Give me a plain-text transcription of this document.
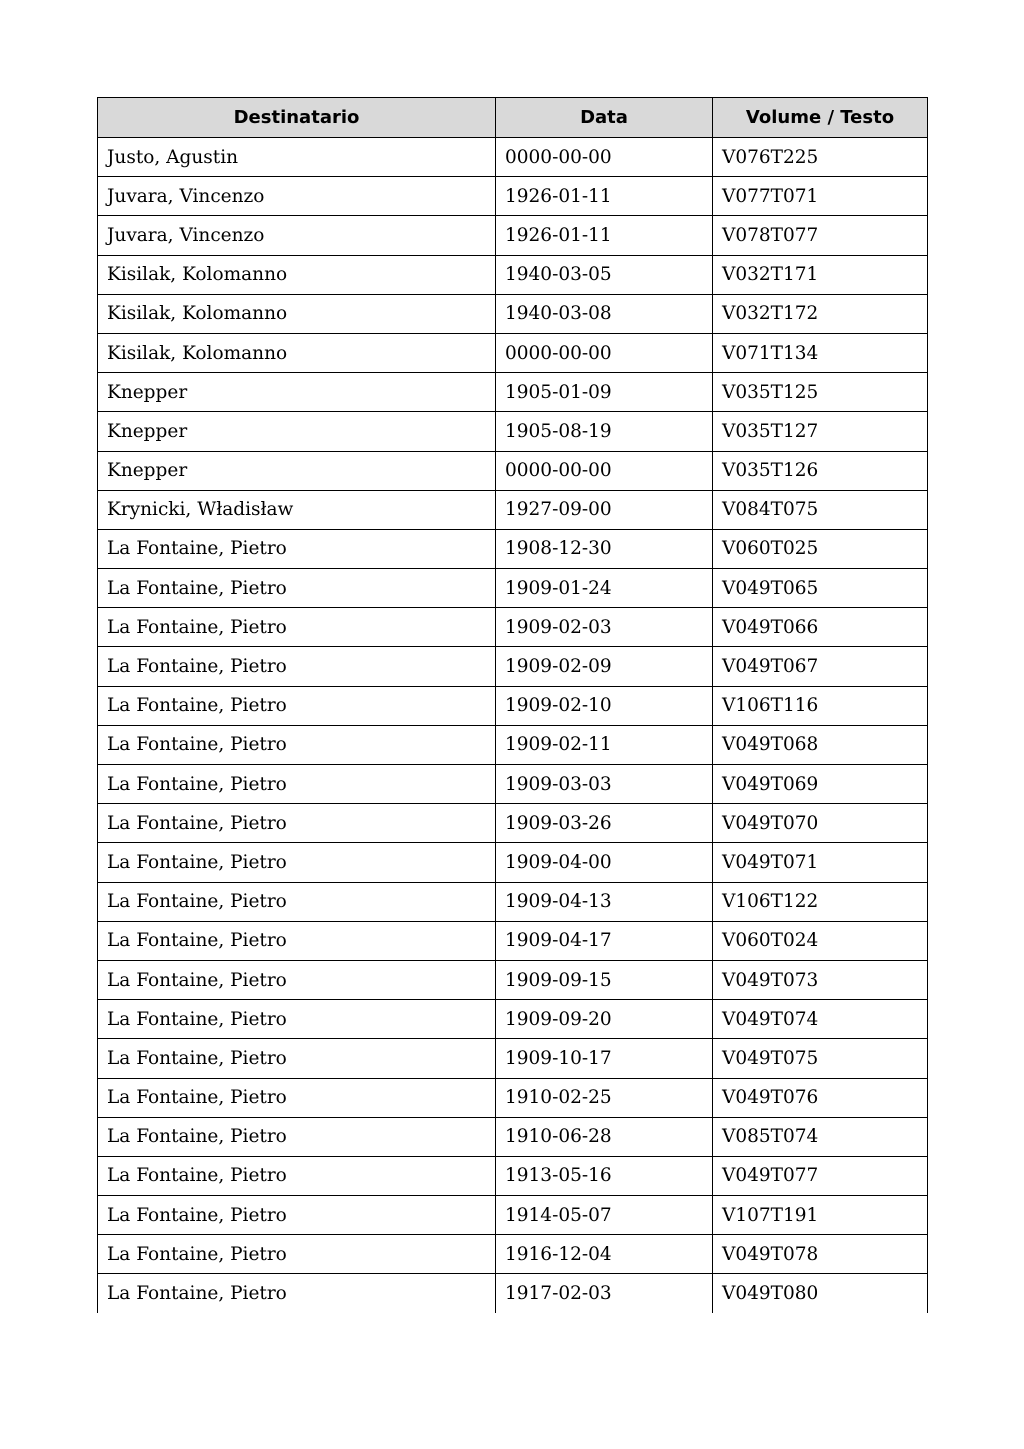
Destinatario	Data	Volume / Testo
Justo, Agustin	0000-00-00	V076T225
Juvara, Vincenzo	1926-01-11	V077T071
Juvara, Vincenzo	1926-01-11	V078T077
Kisilak, Kolomanno	1940-03-05	V032T171
Kisilak, Kolomanno	1940-03-08	V032T172
Kisilak, Kolomanno	0000-00-00	V071T134
Knepper	1905-01-09	V035T125
Knepper	1905-08-19	V035T127
Knepper	0000-00-00	V035T126
Krynicki, Władisław	1927-09-00	V084T075
La Fontaine, Pietro	1908-12-30	V060T025
La Fontaine, Pietro	1909-01-24	V049T065
La Fontaine, Pietro	1909-02-03	V049T066
La Fontaine, Pietro	1909-02-09	V049T067
La Fontaine, Pietro	1909-02-10	V106T116
La Fontaine, Pietro	1909-02-11	V049T068
La Fontaine, Pietro	1909-03-03	V049T069
La Fontaine, Pietro	1909-03-26	V049T070
La Fontaine, Pietro	1909-04-00	V049T071
La Fontaine, Pietro	1909-04-13	V106T122
La Fontaine, Pietro	1909-04-17	V060T024
La Fontaine, Pietro	1909-09-15	V049T073
La Fontaine, Pietro	1909-09-20	V049T074
La Fontaine, Pietro	1909-10-17	V049T075
La Fontaine, Pietro	1910-02-25	V049T076
La Fontaine, Pietro	1910-06-28	V085T074
La Fontaine, Pietro	1913-05-16	V049T077
La Fontaine, Pietro	1914-05-07	V107T191
La Fontaine, Pietro	1916-12-04	V049T078
La Fontaine, Pietro	1917-02-03	V049T080
